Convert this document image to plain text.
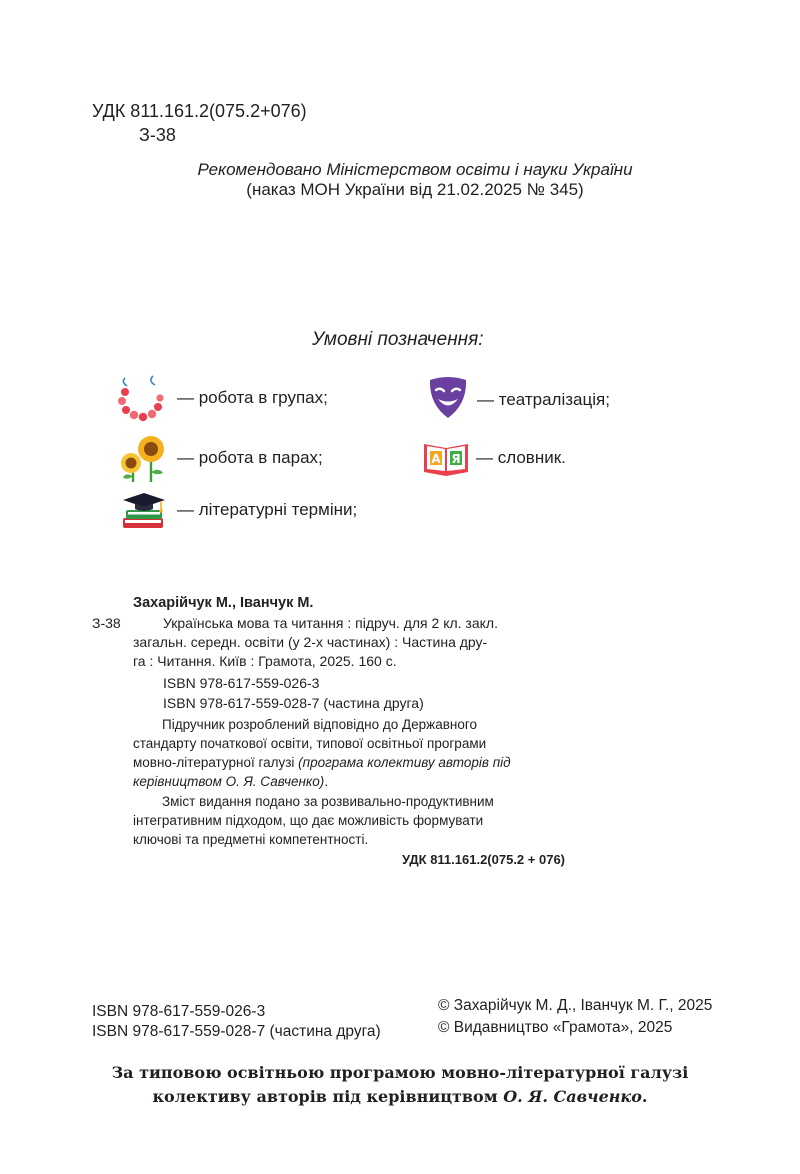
УДК 811.161.2(075.2+076)
З-38
Рекомендовано Міністерством освіти і науки України
(наказ МОН України від 21.02.2025 № 345)
Умовні позначення:
— робота в групах;	— театралізація;
— робота в парах;	А Я — словник.
— літературні терміни;
Захарійчук М., Іванчук М.
З-38	Українська мова та читання : підруч. для 2 кл. закл.
загальн. середн. освіти (у 2-х частинах) : Частина дру-
га : Читання. Київ : Грамота, 2025. 160 с.
ISBN 978-617-559-026-3
ISBN 978-617-559-028-7 (частина друга)
Підручник розроблений відповідно до Державного
стандарту початкової освіти, типової освітньої програми
мовно-літературної галузі (програма колективу авторів під
керівництвом О. Я. Савченко).
Зміст видання подано за розвивально-продуктивним
інтегративним підходом, що дає можливість формувати
ключові та предметні компетентності.
УДК 811.161.2(075.2 + 076)
ISBN 978-617-559-026-3
ISBN 978-617-559-028-7 (частина друга)
© Захарійчук М. Д., Іванчук М. Г., 2025
© Видавництво «Грамота», 2025
За типовою освітньою програмою мовно-літературної галузі
колективу авторів під керівництвом О. Я. Савченко.
